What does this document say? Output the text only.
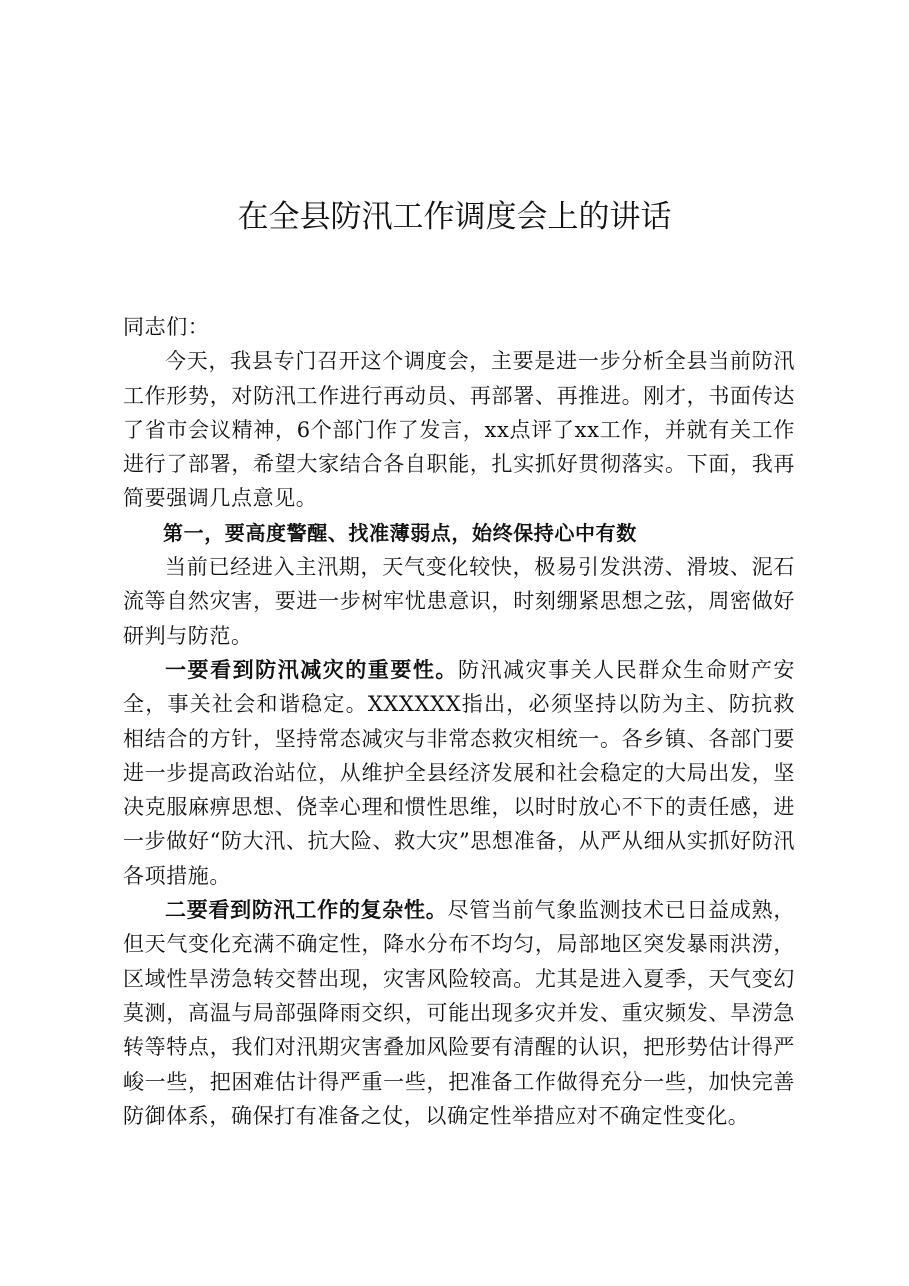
在全县防汛工作调度会上的讲话

同志们：

今天，我县专门召开这个调度会，主要是进一步分析全县当前防汛工作形势，对防汛工作进行再动员、再部署、再推进。刚才，书面传达了省市会议精神，6个部门作了发言，xx点评了xx工作，并就有关工作进行了部署，希望大家结合各自职能，扎实抓好贯彻落实。下面，我再简要强调几点意见。

第一，要高度警醒、找准薄弱点，始终保持心中有数

当前已经进入主汛期，天气变化较快，极易引发洪涝、滑坡、泥石流等自然灾害，要进一步树牢忧患意识，时刻绷紧思想之弦，周密做好研判与防范。

一要看到防汛减灾的重要性。防汛减灾事关人民群众生命财产安全，事关社会和谐稳定。XXXXXX指出，必须坚持以防为主、防抗救相结合的方针，坚持常态减灾与非常态救灾相统一。各乡镇、各部门要进一步提高政治站位，从维护全县经济发展和社会稳定的大局出发，坚决克服麻痹思想、侥幸心理和惯性思维，以时时放心不下的责任感，进一步做好“防大汛、抗大险、救大灾”思想准备，从严从细从实抓好防汛各项措施。

二要看到防汛工作的复杂性。尽管当前气象监测技术已日益成熟，但天气变化充满不确定性，降水分布不均匀，局部地区突发暴雨洪涝，区域性旱涝急转交替出现，灾害风险较高。尤其是进入夏季，天气变幻莫测，高温与局部强降雨交织，可能出现多灾并发、重灾频发、旱涝急转等特点，我们对汛期灾害叠加风险要有清醒的认识，把形势估计得严峻一些，把困难估计得严重一些，把准备工作做得充分一些，加快完善防御体系，确保打有准备之仗，以确定性举措应对不确定性变化。
